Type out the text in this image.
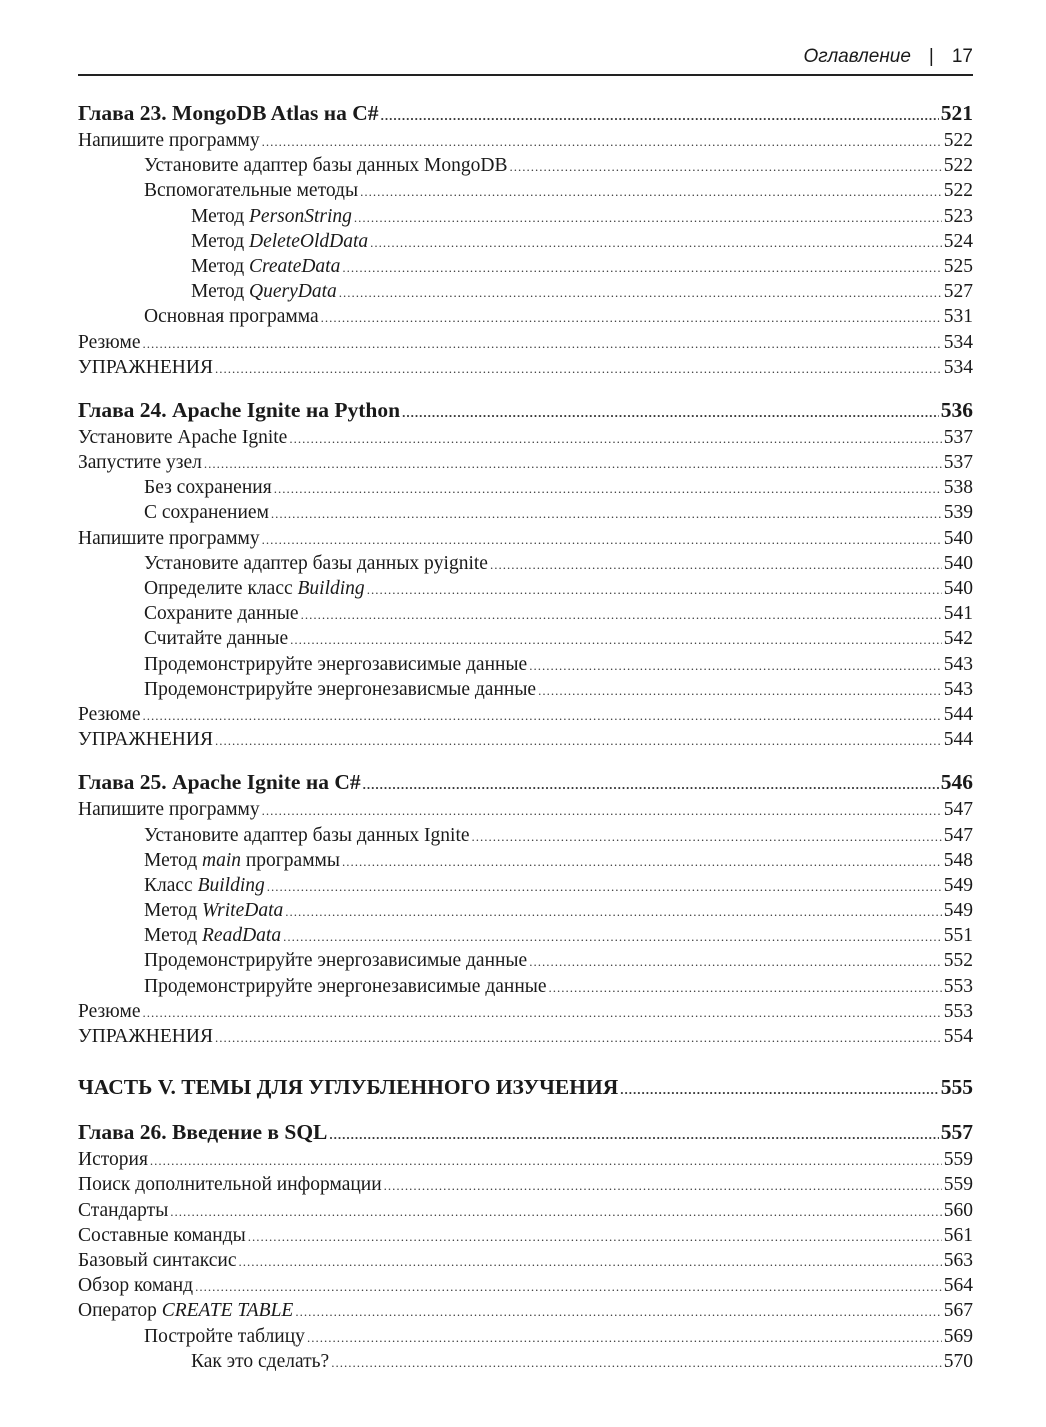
Оглавление | 17
Глава 23. MongoDB Atlas на C# .....	521
Напишите программу .....	522
Установите адаптер базы данных MongoDB .....	522
Вспомогательные методы .....	522
Метод PersonString .....	523
Метод DeleteOldData .....	524
Метод CreateData .....	525
Метод QueryData .....	527
Основная программа .....	531
Резюме .....	534
УПРАЖНЕНИЯ .....	534
Глава 24. Apache Ignite на Python .....	536
Установите Apache Ignite .....	537
Запустите узел .....	537
Без сохранения .....	538
С сохранением .....	539
Напишите программу .....	540
Установите адаптер базы данных pyignite .....	540
Определите класс Building .....	540
Сохраните данные .....	541
Считайте данные .....	542
Продемонстрируйте энергозависимые данные .....	543
Продемонстрируйте энергонезависмые данные .....	543
Резюме .....	544
УПРАЖНЕНИЯ .....	544
Глава 25. Apache Ignite на C# .....	546
Напишите программу .....	547
Установите адаптер базы данных Ignite .....	547
Метод main программы .....	548
Класс Building .....	549
Метод WriteData .....	549
Метод ReadData .....	551
Продемонстрируйте энергозависимые данные .....	552
Продемонстрируйте энергонезависимые данные .....	553
Резюме .....	553
УПРАЖНЕНИЯ .....	554
ЧАСТЬ V. ТЕМЫ ДЛЯ УГЛУБЛЕННОГО ИЗУЧЕНИЯ .....	555
Глава 26. Введение в SQL .....	557
История .....	559
Поиск дополнительной информации .....	559
Стандарты .....	560
Составные команды .....	561
Базовый синтаксис .....	563
Обзор команд .....	564
Оператор CREATE TABLE .....	567
Постройте таблицу .....	569
Как это сделать? .....	570
